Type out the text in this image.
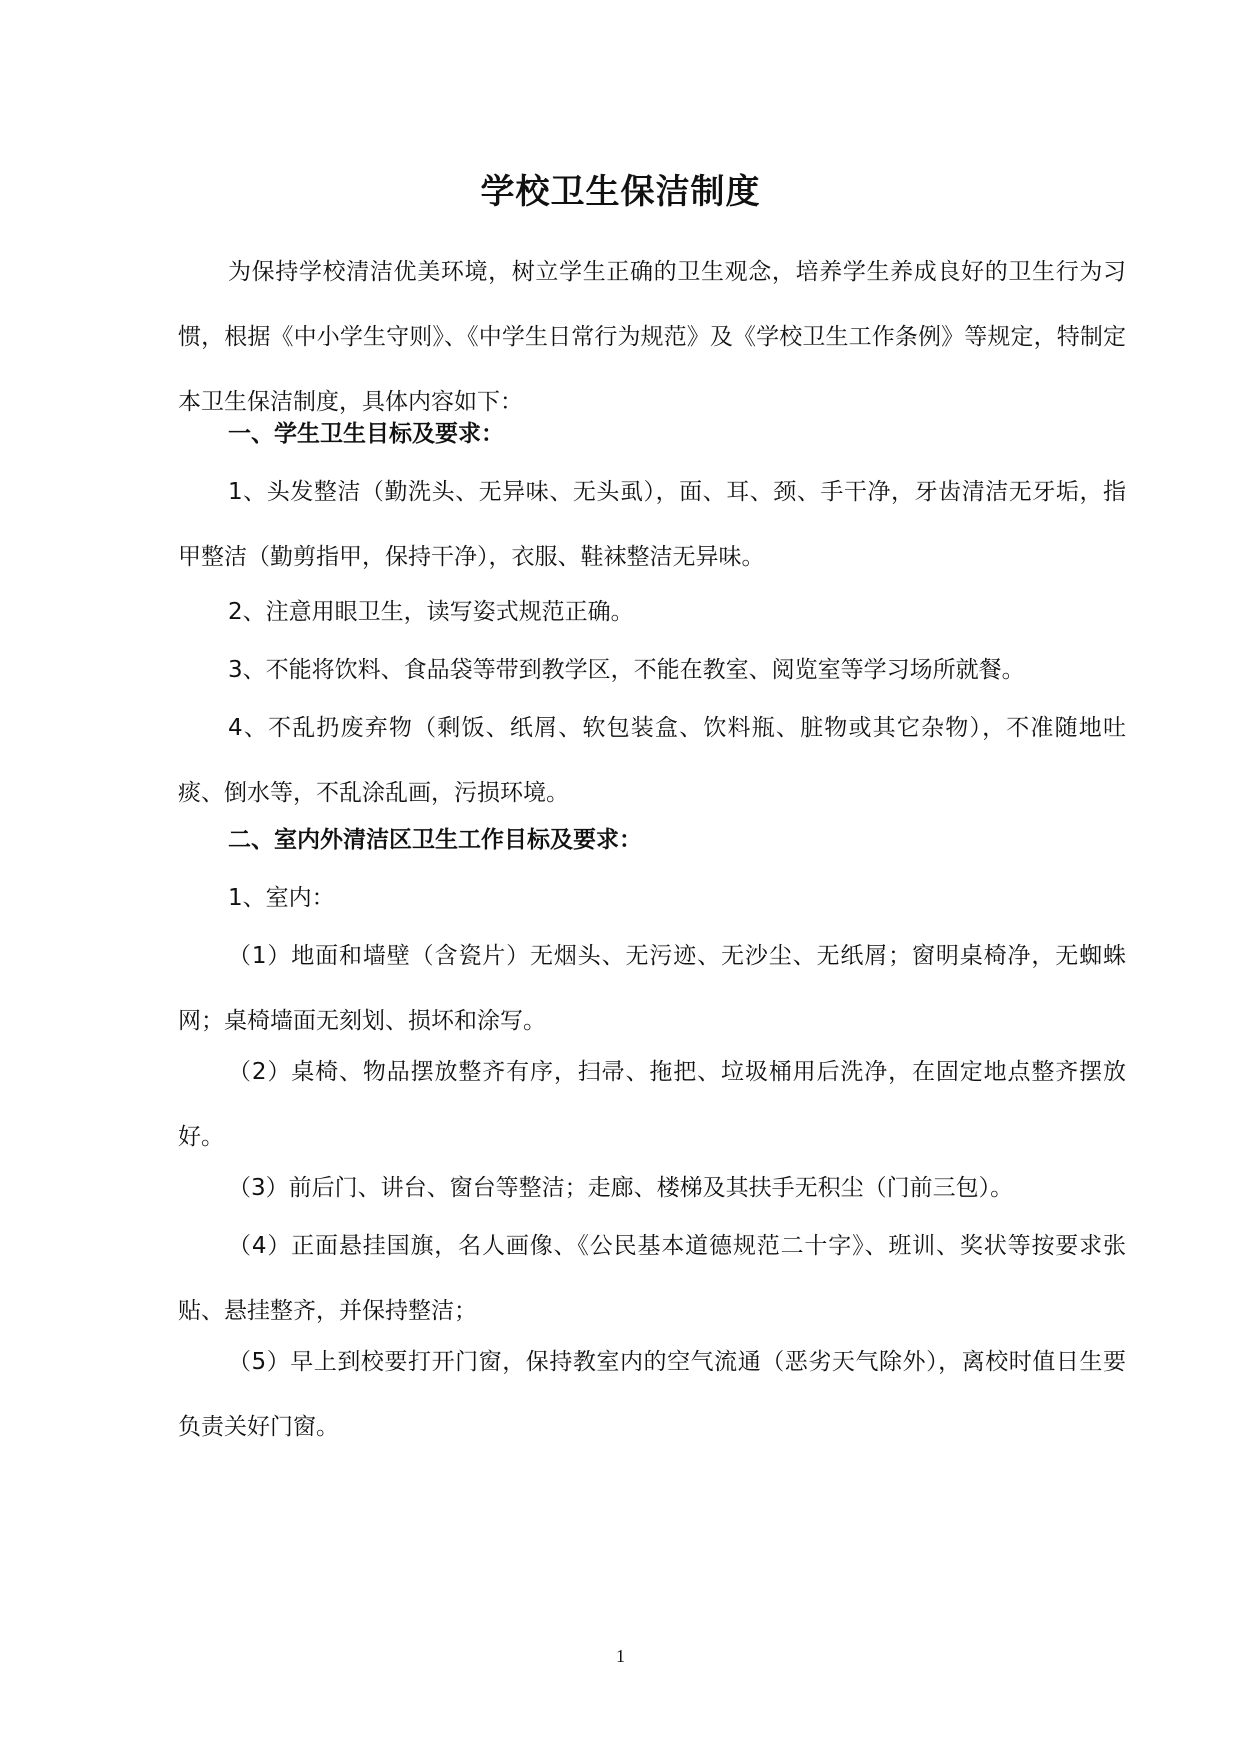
学校卫生保洁制度
为保持学校清洁优美环境，树立学生正确的卫生观念，培养学生养成良好的卫生行为习惯，根据《中小学生守则》、《中学生日常行为规范》及《学校卫生工作条例》等规定，特制定本卫生保洁制度，具体内容如下：
一、学生卫生目标及要求：
1、头发整洁（勤洗头、无异味、无头虱），面、耳、颈、手干净，牙齿清洁无牙垢，指甲整洁（勤剪指甲，保持干净），衣服、鞋袜整洁无异味。
2、注意用眼卫生，读写姿式规范正确。
3、不能将饮料、食品袋等带到教学区，不能在教室、阅览室等学习场所就餐。
4、不乱扔废弃物（剩饭、纸屑、软包装盒、饮料瓶、脏物或其它杂物），不准随地吐痰、倒水等，不乱涂乱画，污损环境。
二、室内外清洁区卫生工作目标及要求：
1、室内：
（1）地面和墙壁（含瓷片）无烟头、无污迹、无沙尘、无纸屑；窗明桌椅净，无蜘蛛网；桌椅墙面无刻划、损坏和涂写。
（2）桌椅、物品摆放整齐有序，扫帚、拖把、垃圾桶用后洗净，在固定地点整齐摆放好。
（3）前后门、讲台、窗台等整洁；走廊、楼梯及其扶手无积尘（门前三包）。
（4）正面悬挂国旗，名人画像、《公民基本道德规范二十字》、班训、奖状等按要求张贴、悬挂整齐，并保持整洁；
（5）早上到校要打开门窗，保持教室内的空气流通（恶劣天气除外），离校时值日生要负责关好门窗。
1
